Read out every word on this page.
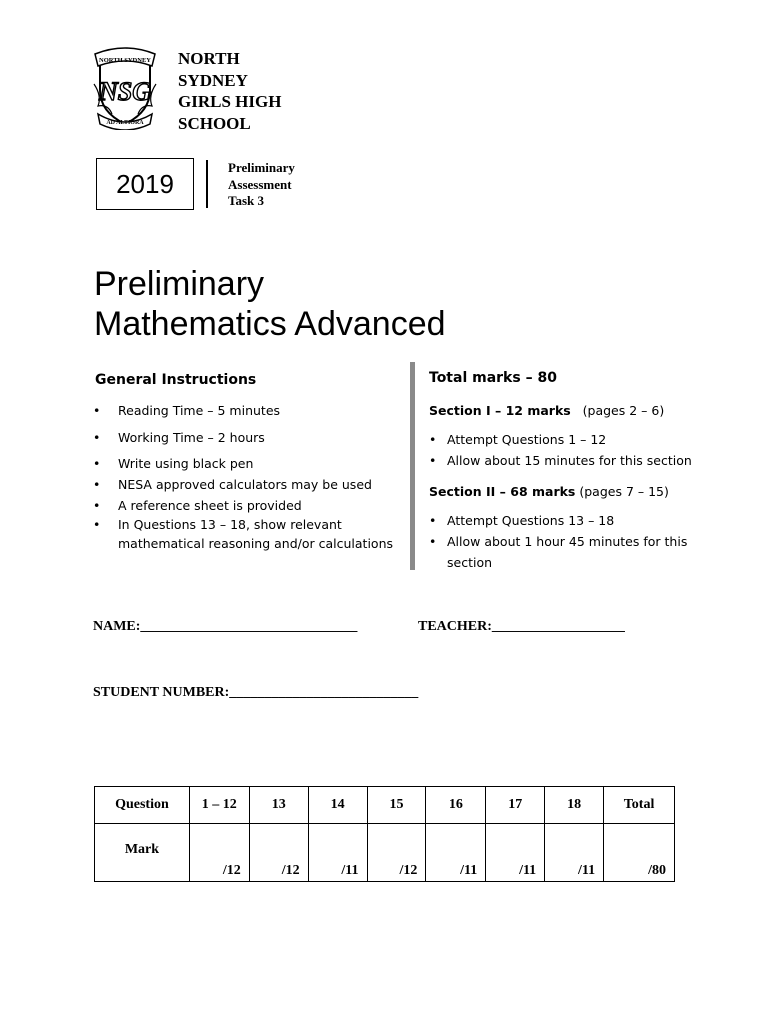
NORTH SYDNEY
NSG
AD ALTIORA
NORTH
SYDNEY
GIRLS HIGH
SCHOOL
2019
Preliminary
Assessment
Task 3
Preliminary
Mathematics Advanced
General Instructions
• Reading Time – 5 minutes
• Working Time – 2 hours
• Write using black pen
• NESA approved calculators may be used
• A reference sheet is provided
• In Questions 13 – 18, show relevant
mathematical reasoning and/or calculations
Total marks – 80
Section I – 12 marks (pages 2 – 6)
• Attempt Questions 1 – 12
• Allow about 15 minutes for this section
Section II – 68 marks (pages 7 – 15)
• Attempt Questions 13 – 18
• Allow about 1 hour 45 minutes for this
section
NAME:_______________________________	TEACHER:___________________
STUDENT NUMBER:___________________________
Question	1 – 12	13	14	15	16	17	18	Total
Mark	/12	/12	/11	/12	/11	/11	/11	/80
